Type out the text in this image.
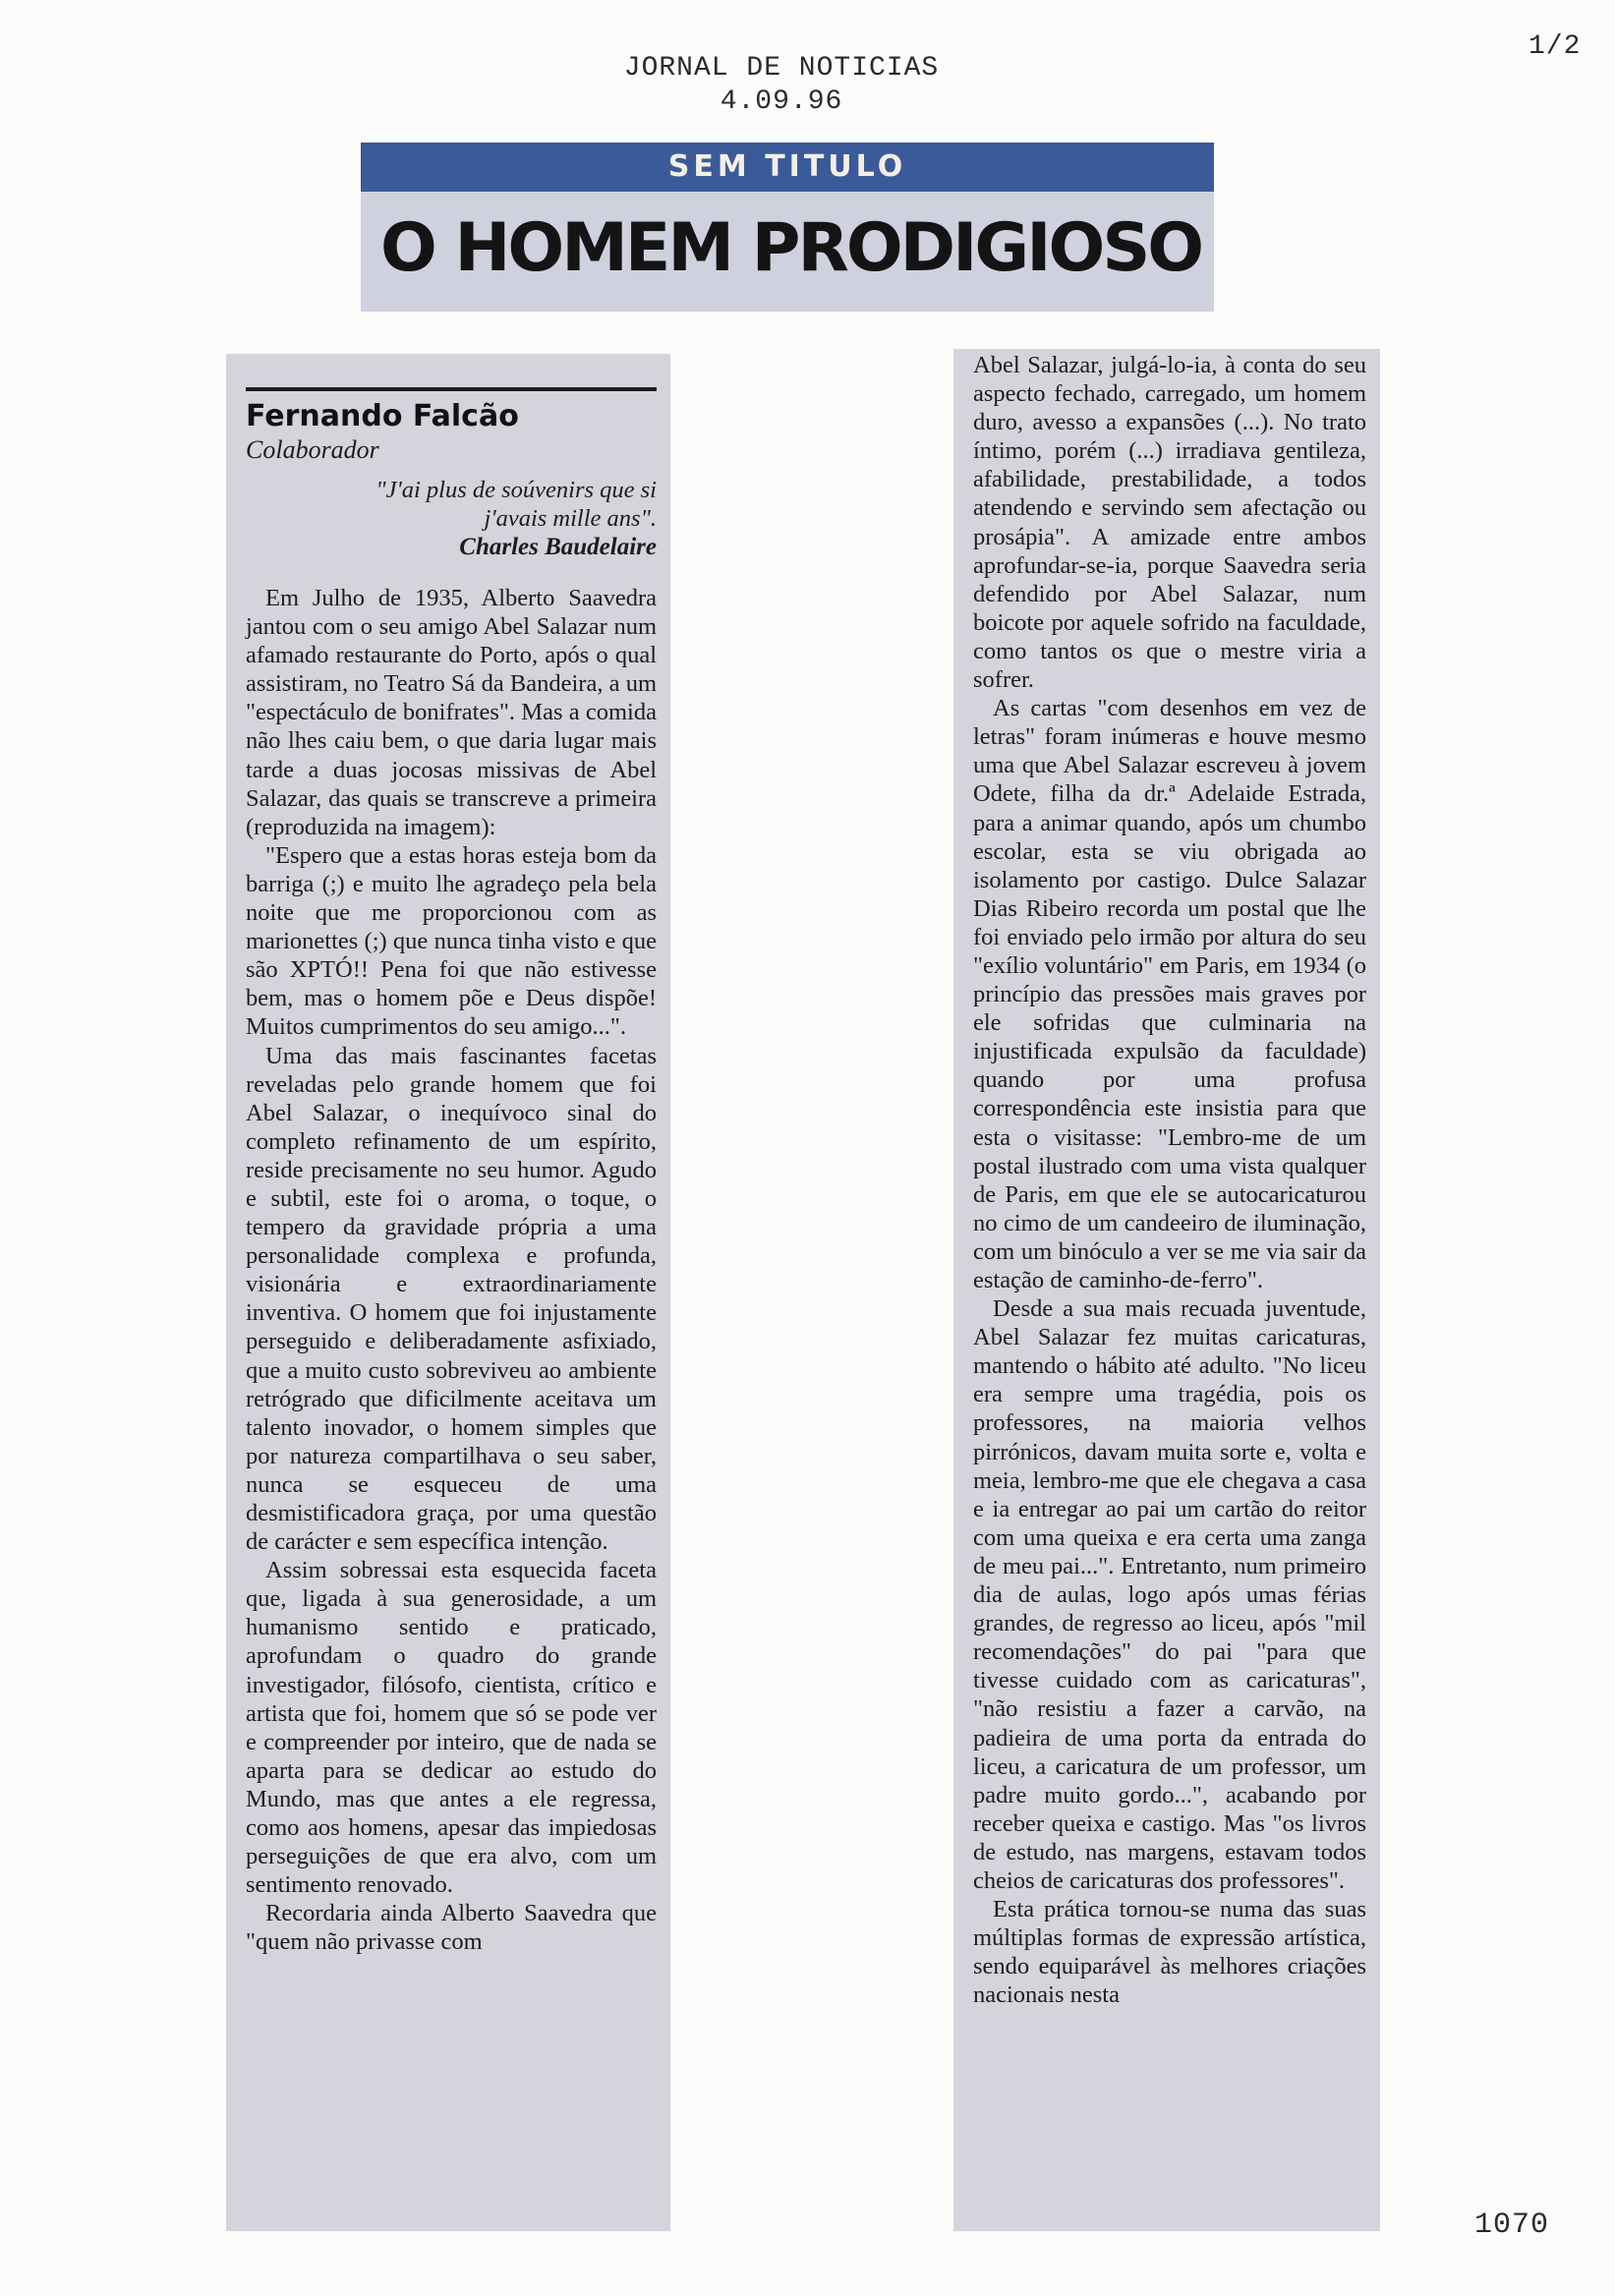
JORNAL DE NOTICIAS
4.09.96
1/2
SEM TITULO
O HOMEM PRODIGIOSO
Fernando Falcão
Colaborador
"J'ai plus de soúvenirs que si j'avais mille ans".
Charles Baudelaire

Em Julho de 1935, Alberto Saavedra jantou com o seu amigo Abel Salazar num afamado restaurante do Porto, após o qual assistiram, no Teatro Sá da Bandeira, a um "espectáculo de bonifrates". Mas a comida não lhes caiu bem, o que daria lugar mais tarde a duas jocosas missivas de Abel Salazar, das quais se transcreve a primeira (reproduzida na imagem):

"Espero que a estas horas esteja bom da barriga (;) e muito lhe agradeço pela bela noite que me proporcionou com as marionettes (;) que nunca tinha visto e que são XPTÓ!! Pena foi que não estivesse bem, mas o homem põe e Deus dispõe! Muitos cumprimentos do seu amigo...".

Uma das mais fascinantes facetas reveladas pelo grande homem que foi Abel Salazar, o inequívoco sinal do completo refinamento de um espírito, reside precisamente no seu humor. Agudo e subtil, este foi o aroma, o toque, o tempero da gravidade própria a uma personalidade complexa e profunda, visionária e extraordinariamente inventiva. O homem que foi injustamente perseguido e deliberadamente asfixiado, que a muito custo sobreviveu ao ambiente retrógrado que dificilmente aceitava um talento inovador, o homem simples que por natureza compartilhava o seu saber, nunca se esqueceu de uma desmistificadora graça, por uma questão de carácter e sem específica intenção.

Assim sobressai esta esquecida faceta que, ligada à sua generosidade, a um humanismo sentido e praticado, aprofundam o quadro do grande investigador, filósofo, cientista, crítico e artista que foi, homem que só se pode ver e compreender por inteiro, que de nada se aparta para se dedicar ao estudo do Mundo, mas que antes a ele regressa, como aos homens, apesar das impiedosas perseguições de que era alvo, com um sentimento renovado.

Recordaria ainda Alberto Saavedra que "quem não privasse com

Abel Salazar, julgá-lo-ia, à conta do seu aspecto fechado, carregado, um homem duro, avesso a expansões (...). No trato íntimo, porém (...) irradiava gentileza, afabilidade, prestabilidade, a todos atendendo e servindo sem afectação ou prosápia". A amizade entre ambos aprofundar-se-ia, porque Saavedra seria defendido por Abel Salazar, num boicote por aquele sofrido na faculdade, como tantos os que o mestre viria a sofrer.

As cartas "com desenhos em vez de letras" foram inúmeras e houve mesmo uma que Abel Salazar escreveu à jovem Odete, filha da dr.ª Adelaide Estrada, para a animar quando, após um chumbo escolar, esta se viu obrigada ao isolamento por castigo. Dulce Salazar Dias Ribeiro recorda um postal que lhe foi enviado pelo irmão por altura do seu "exílio voluntário" em Paris, em 1934 (o princípio das pressões mais graves por ele sofridas que culminaria na injustificada expulsão da faculdade) quando por uma profusa correspondência este insistia para que esta o visitasse: "Lembro-me de um postal ilustrado com uma vista qualquer de Paris, em que ele se autocaricaturou no cimo de um candeeiro de iluminação, com um binóculo a ver se me via sair da estação de caminho-de-ferro".

Desde a sua mais recuada juventude, Abel Salazar fez muitas caricaturas, mantendo o hábito até adulto. "No liceu era sempre uma tragédia, pois os professores, na maioria velhos pirrónicos, davam muita sorte e, volta e meia, lembro-me que ele chegava a casa e ia entregar ao pai um cartão do reitor com uma queixa e era certa uma zanga de meu pai...". Entretanto, num primeiro dia de aulas, logo após umas férias grandes, de regresso ao liceu, após "mil recomendações" do pai "para que tivesse cuidado com as caricaturas", "não resistiu a fazer a carvão, na padieira de uma porta da entrada do liceu, a caricatura de um professor, um padre muito gordo...", acabando por receber queixa e castigo. Mas "os livros de estudo, nas margens, estavam todos cheios de caricaturas dos professores".

Esta prática tornou-se numa das suas múltiplas formas de expressão artística, sendo equiparável às melhores criações nacionais nesta

1070
